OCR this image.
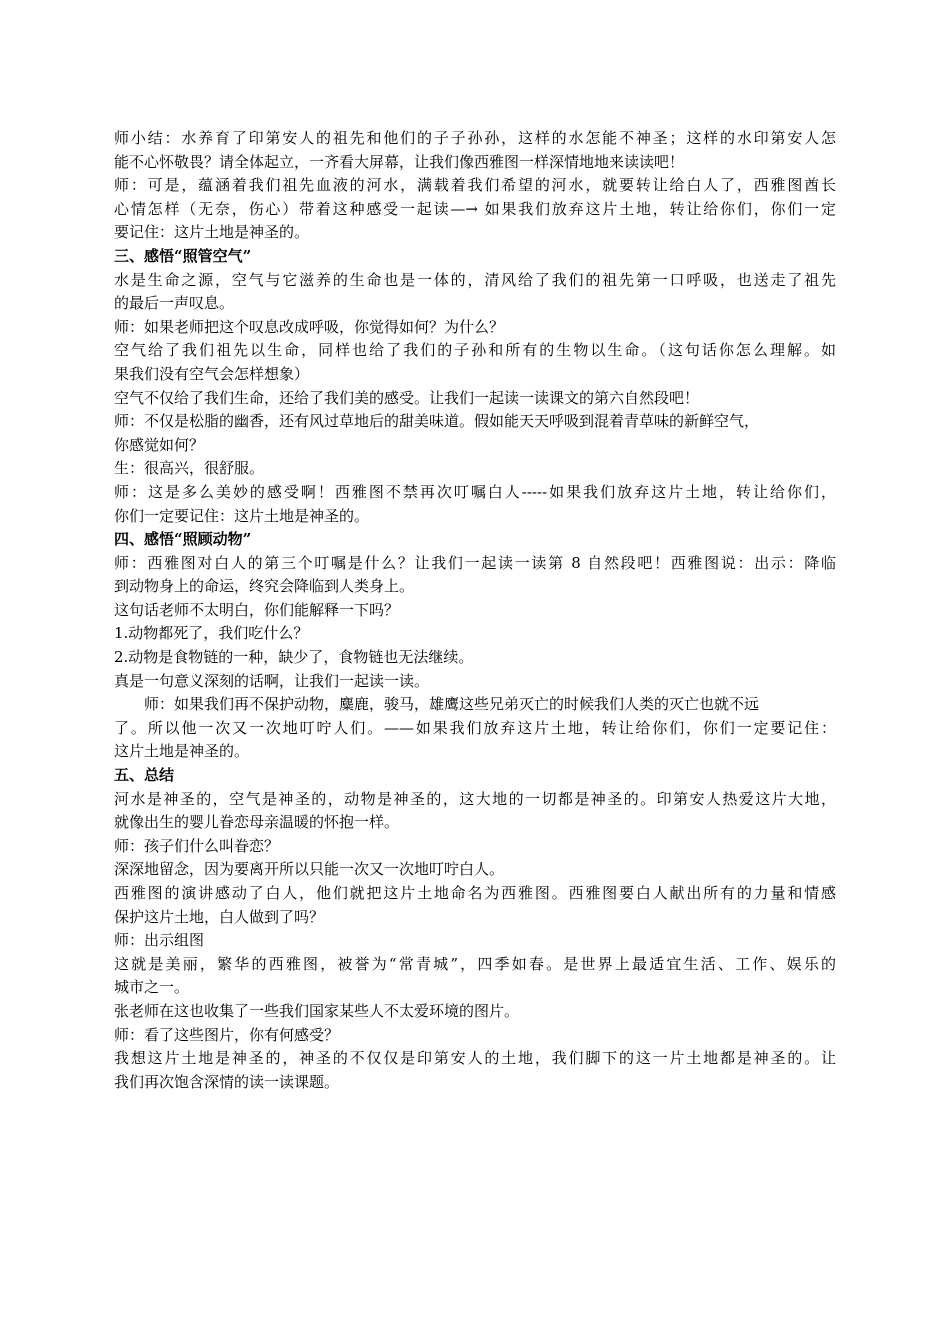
师小结：水养育了印第安人的祖先和他们的子子孙孙，这样的水怎能不神圣；这样的水印第安人怎
能不心怀敬畏？请全体起立，一齐看大屏幕，让我们像西雅图一样深情地地来读读吧！
师：可是，蕴涵着我们祖先血液的河水，满载着我们希望的河水，就要转让给白人了，西雅图酋长
心情怎样（无奈，伤心）带着这种感受一起读—→ 如果我们放弃这片土地，转让给你们，你们一定
要记住：这片土地是神圣的。
三、感悟“照管空气”
水是生命之源，空气与它滋养的生命也是一体的，清风给了我们的祖先第一口呼吸，也送走了祖先
的最后一声叹息。
师：如果老师把这个叹息改成呼吸，你觉得如何？为什么？
空气给了我们祖先以生命，同样也给了我们的子孙和所有的生物以生命。（这句话你怎么理解。如
果我们没有空气会怎样想象）
空气不仅给了我们生命，还给了我们美的感受。让我们一起读一读课文的第六自然段吧！
师：不仅是松脂的幽香，还有风过草地后的甜美味道。假如能天天呼吸到混着青草味的新鲜空气，
你感觉如何？
生：很高兴，很舒服。
师：这是多么美妙的感受啊！西雅图不禁再次叮嘱白人-----如果我们放弃这片土地，转让给你们，
你们一定要记住：这片土地是神圣的。
四、感悟“照顾动物”
师：西雅图对白人的第三个叮嘱是什么？让我们一起读一读第 8 自然段吧！西雅图说：出示：降临
到动物身上的命运，终究会降临到人类身上。
这句话老师不太明白，你们能解释一下吗？
1.动物都死了，我们吃什么？
2.动物是食物链的一种，缺少了，食物链也无法继续。
真是一句意义深刻的话啊，让我们一起读一读。
师：如果我们再不保护动物，麋鹿，骏马，雄鹰这些兄弟灭亡的时候我们人类的灭亡也就不远
了。所以他一次又一次地叮咛人们。——如果我们放弃这片土地，转让给你们，你们一定要记住：
这片土地是神圣的。
五、总结
河水是神圣的，空气是神圣的，动物是神圣的，这大地的一切都是神圣的。印第安人热爱这片大地，
就像出生的婴儿眷恋母亲温暖的怀抱一样。
师：孩子们什么叫眷恋？
深深地留念，因为要离开所以只能一次又一次地叮咛白人。
西雅图的演讲感动了白人，他们就把这片土地命名为西雅图。西雅图要白人献出所有的力量和情感
保护这片土地，白人做到了吗？
师：出示组图
这就是美丽，繁华的西雅图，被誉为“常青城”，四季如春。是世界上最适宜生活、工作、娱乐的
城市之一。
张老师在这也收集了一些我们国家某些人不太爱环境的图片。
师：看了这些图片，你有何感受？
我想这片土地是神圣的，神圣的不仅仅是印第安人的土地，我们脚下的这一片土地都是神圣的。让
我们再次饱含深情的读一读课题。
